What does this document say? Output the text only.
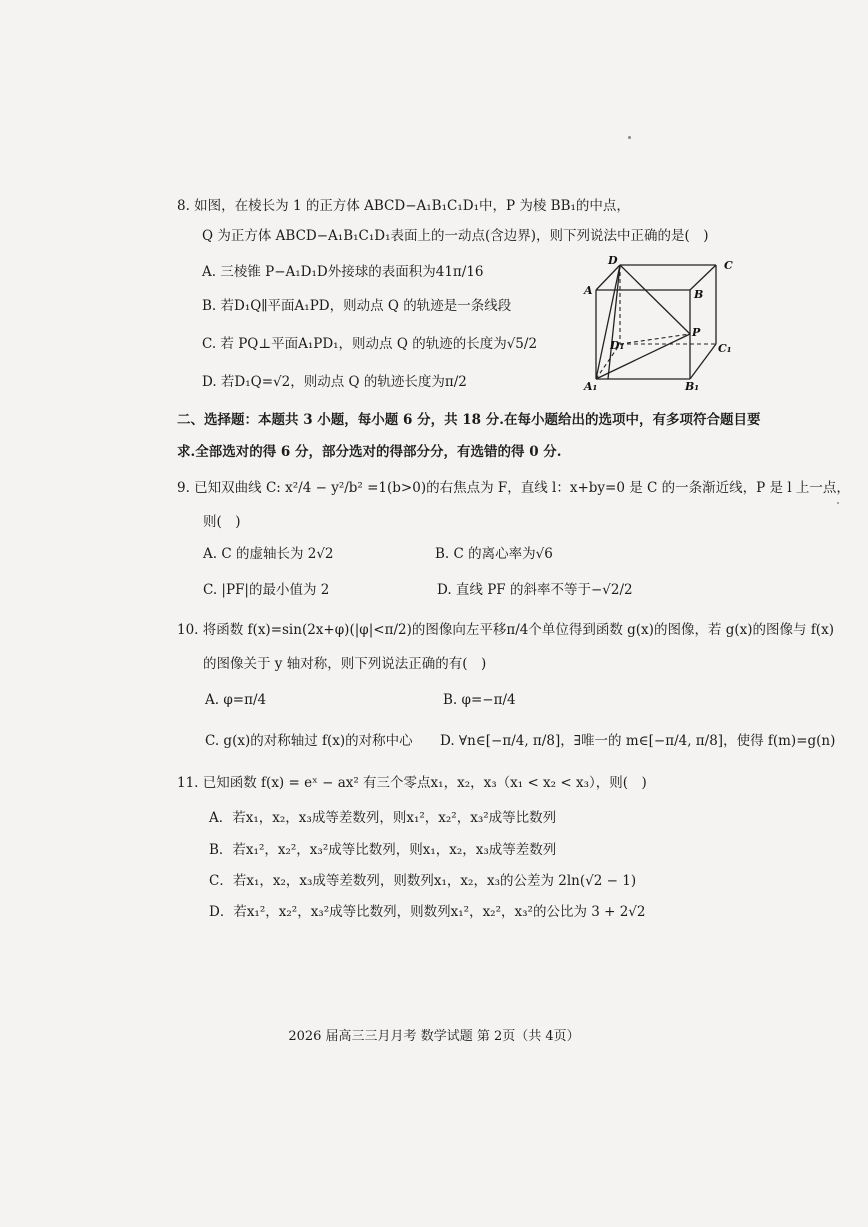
8. 如图，在棱长为 1 的正方体 ABCD−A₁B₁C₁D₁中，P 为棱 BB₁的中点，
Q 为正方体 ABCD−A₁B₁C₁D₁表面上的一动点(含边界)，则下列说法中正确的是(　)
A. 三棱锥 P−A₁D₁D外接球的表面积为41π/16
B. 若D₁Q∥平面A₁PD，则动点 Q 的轨迹是一条线段
C. 若 PQ⊥平面A₁PD₁，则动点 Q 的轨迹的长度为√5/2
D. 若D₁Q=√2，则动点 Q 的轨迹长度为π/2
D	C
A	B
P
D₁	C₁
A₁	B₁
二、选择题：本题共 3 小题，每小题 6 分，共 18 分.在每小题给出的选项中，有多项符合题目要
求.全部选对的得 6 分，部分选对的得部分分，有选错的得 0 分.
9. 已知双曲线 C: x²/4 − y²/b² =1(b>0)的右焦点为 F，直线 l：x+by=0 是 C 的一条渐近线，P 是 l 上一点，
则(　)
A. C 的虚轴长为 2√2	B. C 的离心率为√6
C. |PF|的最小值为 2	D. 直线 PF 的斜率不等于−√2/2
10. 将函数 f(x)=sin(2x+φ)(|φ|<π/2)的图像向左平移π/4个单位得到函数 g(x)的图像，若 g(x)的图像与 f(x)
的图像关于 y 轴对称，则下列说法正确的有(　)
A. φ=π/4	B. φ=−π/4
C. g(x)的对称轴过 f(x)的对称中心 D. ∀n∈[−π/4, π/8]，∃唯一的 m∈[−π/4, π/8]，使得 f(m)=g(n)
11. 已知函数 f(x) = eˣ − ax² 有三个零点x₁，x₂，x₃（x₁ < x₂ < x₃），则(　)
A．若x₁，x₂，x₃成等差数列，则x₁²，x₂²，x₃²成等比数列
B．若x₁²，x₂²，x₃²成等比数列，则x₁，x₂，x₃成等差数列
C．若x₁，x₂，x₃成等差数列，则数列x₁，x₂，x₃的公差为 2ln(√2 − 1)
D．若x₁²，x₂²，x₃²成等比数列，则数列x₁²，x₂²，x₃²的公比为 3 + 2√2
2026 届高三三月月考 数学试题 第 2页（共 4页）
